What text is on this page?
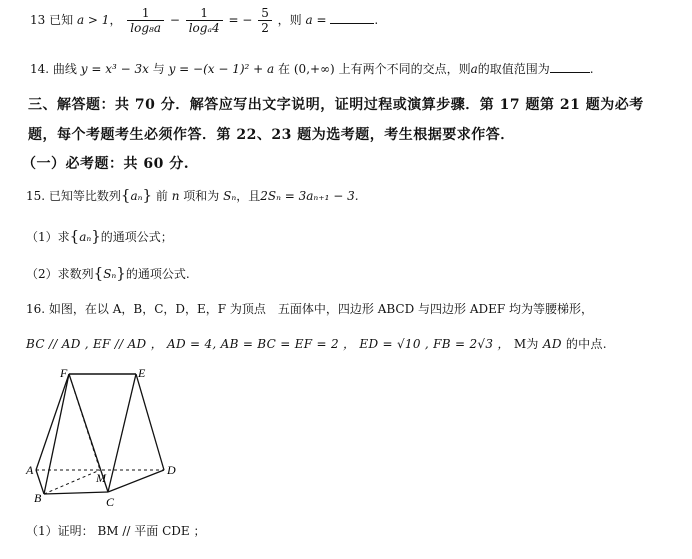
13 已知 a > 1， $\frac{1}{\text{log₈a}} - \frac{1}{\text{logₐ4}}$ = − $\frac{5}{2}$ ，则 a =	.
14. 曲线 y = x³ − 3x 与 y = −(x − 1)² + a 在 (0,+∞) 上有两个不同的交点，则a的取值范围为	.
三、解答题：共 70 分．解答应写出文字说明，证明过程或演算步骤．第 17 题第 21 题为必考
题，每个考题考生必须作答．第 22、23 题为选考题，考生根据要求作答．
（一）必考题：共 60 分.
15. 已知等比数列{aₙ} 前 n 项和为 Sₙ，且2Sₙ = 3aₙ₊₁ − 3.
（1）求{aₙ}的通项公式；
（2）求数列{Sₙ}的通项公式.
16. 如图，在以 A，B，C，D，E，F 为顶点　五面体中，四边形 ABCD 与四边形 ADEF 均为等腰梯形，
BC // AD , EF // AD ， AD = 4, AB = BC = EF = 2 ， ED = √10 , FB = 2√3 ， M为 AD 的中点.
F	E
A	D
M
B	C
（1）证明： BM // 平面 CDE ；
